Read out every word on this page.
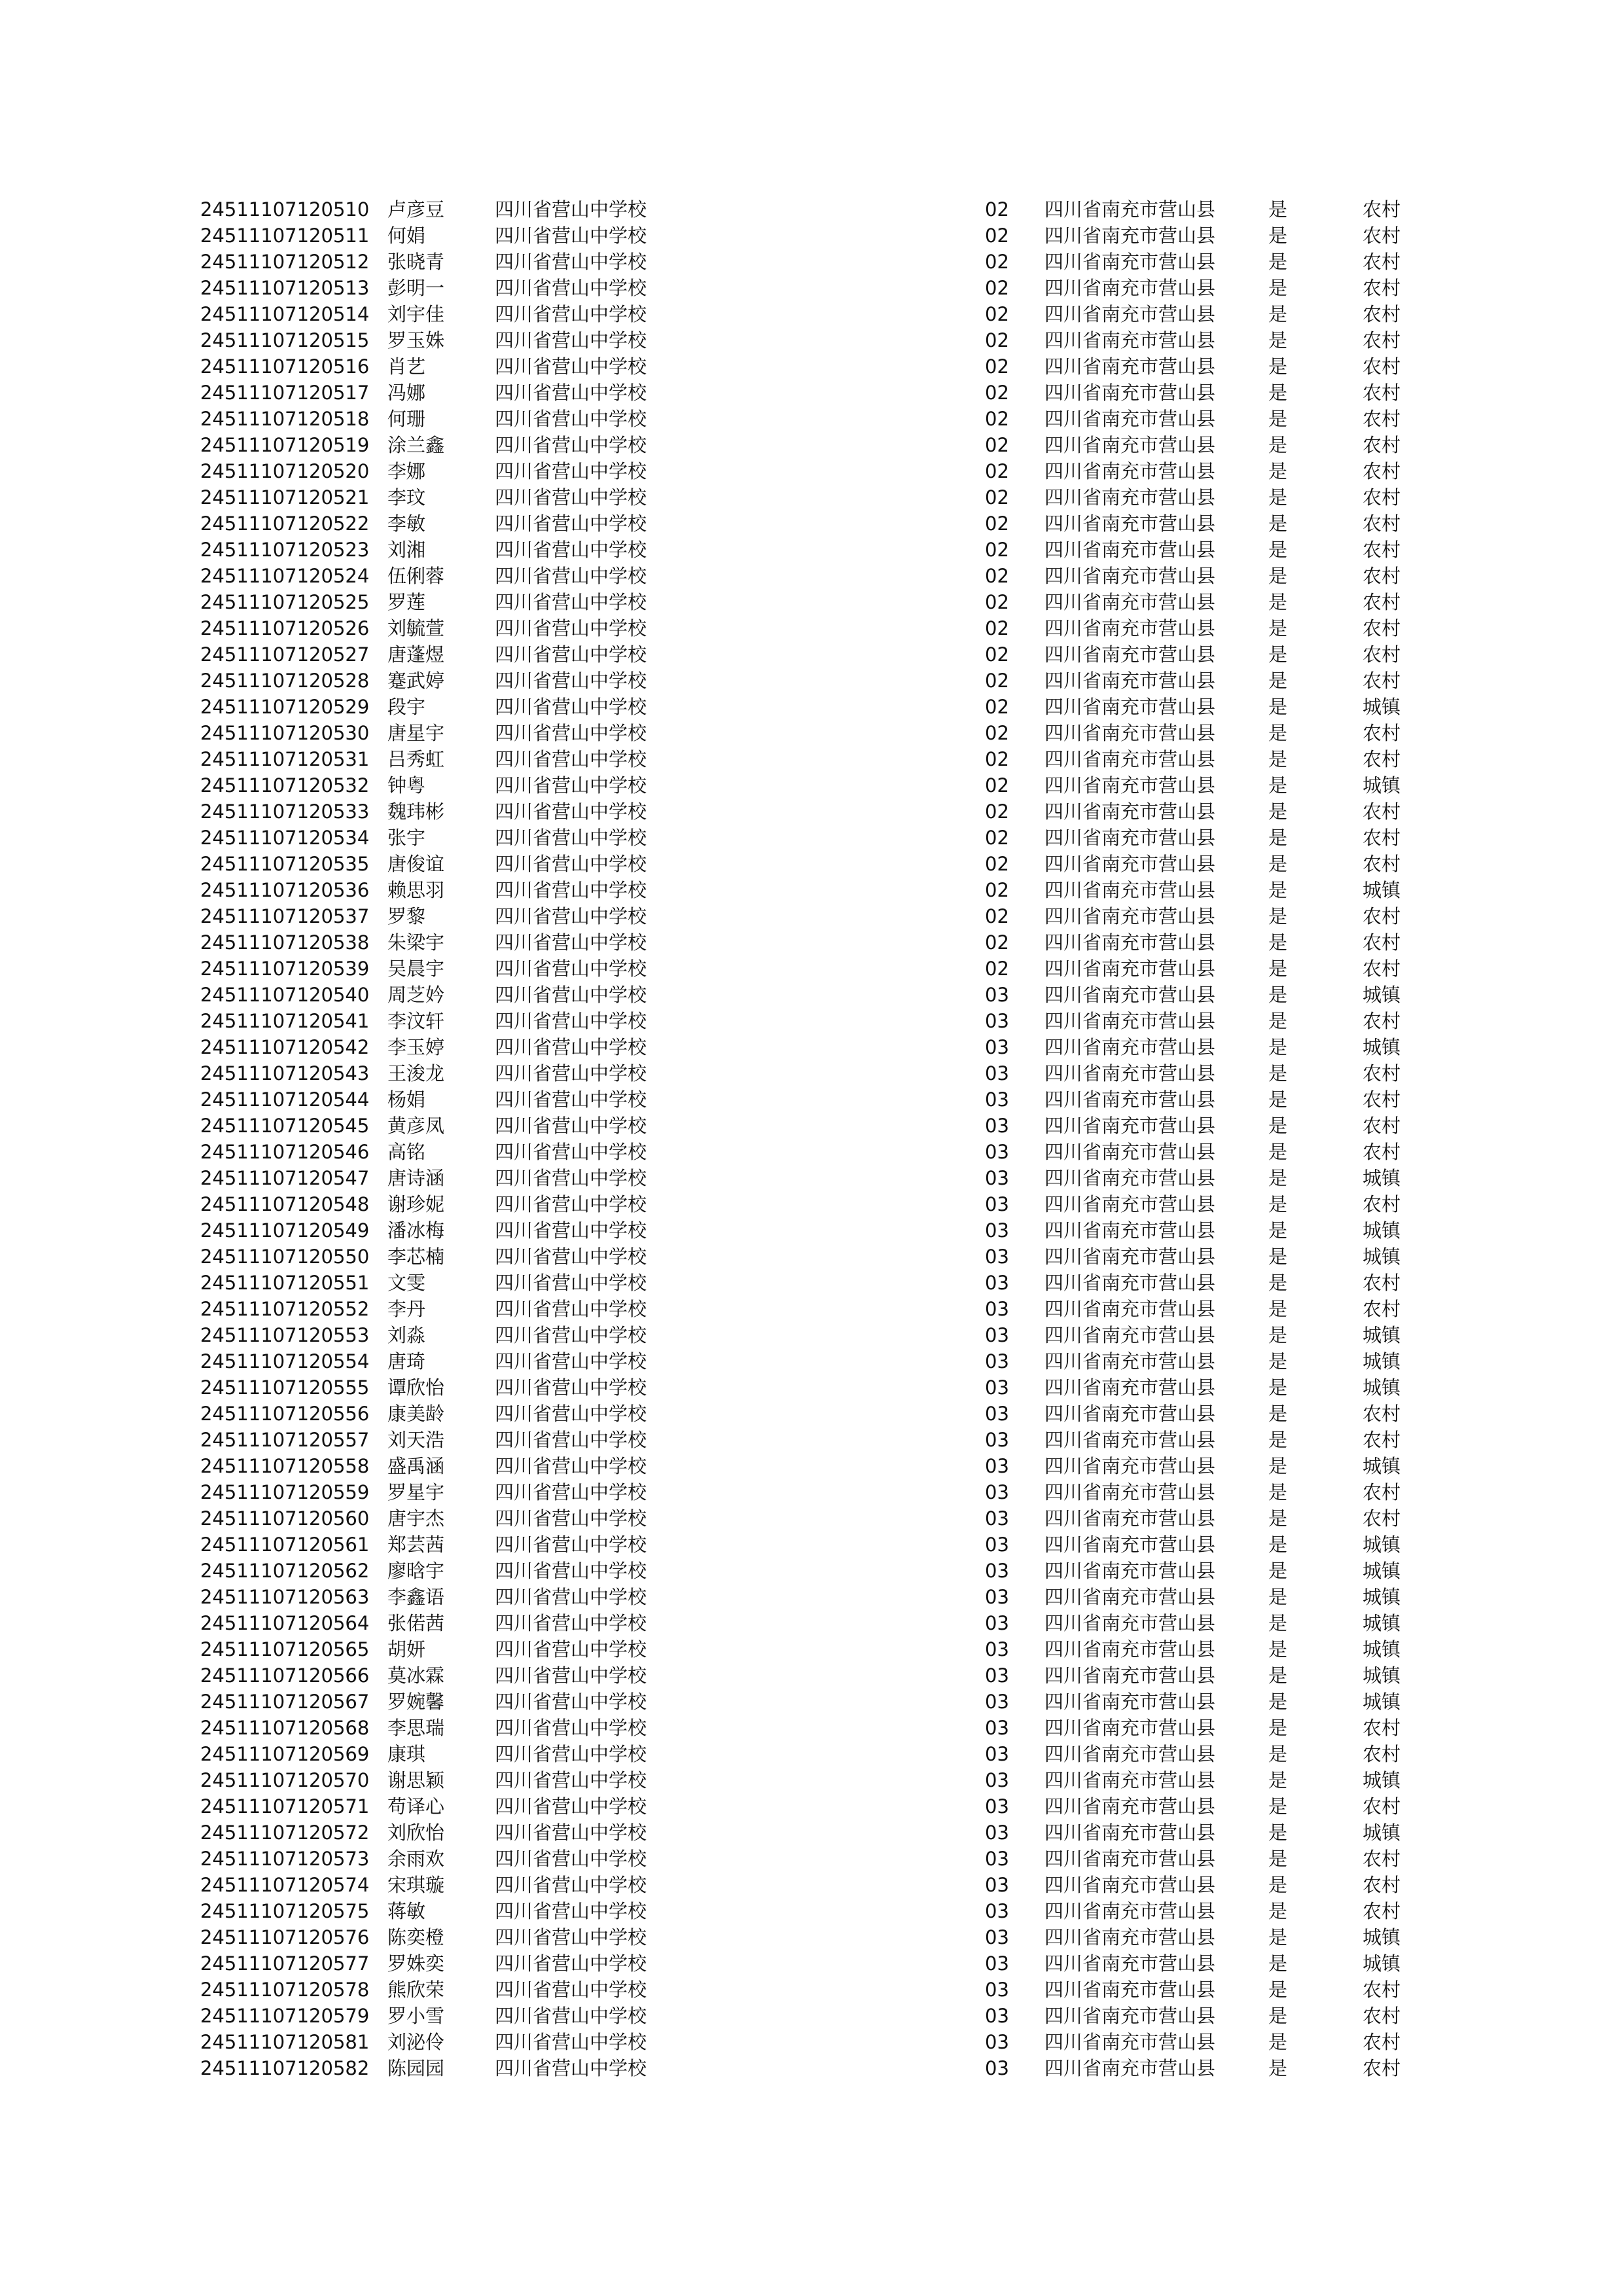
24511107120510 卢彦豆	四川省营山中学校	02 四川省南充市营山县	是	农村
24511107120511 何娟	四川省营山中学校	02 四川省南充市营山县	是	农村
24511107120512 张晓青	四川省营山中学校	02 四川省南充市营山县	是	农村
24511107120513 彭明一	四川省营山中学校	02 四川省南充市营山县	是	农村
24511107120514 刘宇佳	四川省营山中学校	02 四川省南充市营山县	是	农村
24511107120515 罗玉姝	四川省营山中学校	02 四川省南充市营山县	是	农村
24511107120516 肖艺	四川省营山中学校	02 四川省南充市营山县	是	农村
24511107120517 冯娜	四川省营山中学校	02 四川省南充市营山县	是	农村
24511107120518 何珊	四川省营山中学校	02 四川省南充市营山县	是	农村
24511107120519 涂兰鑫	四川省营山中学校	02 四川省南充市营山县	是	农村
24511107120520 李娜	四川省营山中学校	02 四川省南充市营山县	是	农村
24511107120521 李玟	四川省营山中学校	02 四川省南充市营山县	是	农村
24511107120522 李敏	四川省营山中学校	02 四川省南充市营山县	是	农村
24511107120523 刘湘	四川省营山中学校	02 四川省南充市营山县	是	农村
24511107120524 伍俐蓉	四川省营山中学校	02 四川省南充市营山县	是	农村
24511107120525 罗莲	四川省营山中学校	02 四川省南充市营山县	是	农村
24511107120526 刘毓萱	四川省营山中学校	02 四川省南充市营山县	是	农村
24511107120527 唐蓬煜	四川省营山中学校	02 四川省南充市营山县	是	农村
24511107120528 蹇武婷	四川省营山中学校	02 四川省南充市营山县	是	农村
24511107120529 段宇	四川省营山中学校	02 四川省南充市营山县	是	城镇
24511107120530 唐星宇	四川省营山中学校	02 四川省南充市营山县	是	农村
24511107120531 吕秀虹	四川省营山中学校	02 四川省南充市营山县	是	农村
24511107120532 钟粤	四川省营山中学校	02 四川省南充市营山县	是	城镇
24511107120533 魏玮彬	四川省营山中学校	02 四川省南充市营山县	是	农村
24511107120534 张宇	四川省营山中学校	02 四川省南充市营山县	是	农村
24511107120535 唐俊谊	四川省营山中学校	02 四川省南充市营山县	是	农村
24511107120536 赖思羽	四川省营山中学校	02 四川省南充市营山县	是	城镇
24511107120537 罗黎	四川省营山中学校	02 四川省南充市营山县	是	农村
24511107120538 朱梁宇	四川省营山中学校	02 四川省南充市营山县	是	农村
24511107120539 吴晨宇	四川省营山中学校	02 四川省南充市营山县	是	农村
24511107120540 周芝妗	四川省营山中学校	03 四川省南充市营山县	是	城镇
24511107120541 李汶轩	四川省营山中学校	03 四川省南充市营山县	是	农村
24511107120542 李玉婷	四川省营山中学校	03 四川省南充市营山县	是	城镇
24511107120543 王浚龙	四川省营山中学校	03 四川省南充市营山县	是	农村
24511107120544 杨娟	四川省营山中学校	03 四川省南充市营山县	是	农村
24511107120545 黄彦凤	四川省营山中学校	03 四川省南充市营山县	是	农村
24511107120546 高铭	四川省营山中学校	03 四川省南充市营山县	是	农村
24511107120547 唐诗涵	四川省营山中学校	03 四川省南充市营山县	是	城镇
24511107120548 谢珍妮	四川省营山中学校	03 四川省南充市营山县	是	农村
24511107120549 潘冰梅	四川省营山中学校	03 四川省南充市营山县	是	城镇
24511107120550 李芯楠	四川省营山中学校	03 四川省南充市营山县	是	城镇
24511107120551 文雯	四川省营山中学校	03 四川省南充市营山县	是	农村
24511107120552 李丹	四川省营山中学校	03 四川省南充市营山县	是	农村
24511107120553 刘淼	四川省营山中学校	03 四川省南充市营山县	是	城镇
24511107120554 唐琦	四川省营山中学校	03 四川省南充市营山县	是	城镇
24511107120555 谭欣怡	四川省营山中学校	03 四川省南充市营山县	是	城镇
24511107120556 康美龄	四川省营山中学校	03 四川省南充市营山县	是	农村
24511107120557 刘天浩	四川省营山中学校	03 四川省南充市营山县	是	农村
24511107120558 盛禹涵	四川省营山中学校	03 四川省南充市营山县	是	城镇
24511107120559 罗星宇	四川省营山中学校	03 四川省南充市营山县	是	农村
24511107120560 唐宇杰	四川省营山中学校	03 四川省南充市营山县	是	农村
24511107120561 郑芸茜	四川省营山中学校	03 四川省南充市营山县	是	城镇
24511107120562 廖晗宇	四川省营山中学校	03 四川省南充市营山县	是	城镇
24511107120563 李鑫语	四川省营山中学校	03 四川省南充市营山县	是	城镇
24511107120564 张偌茜	四川省营山中学校	03 四川省南充市营山县	是	城镇
24511107120565 胡妍	四川省营山中学校	03 四川省南充市营山县	是	城镇
24511107120566 莫冰霖	四川省营山中学校	03 四川省南充市营山县	是	城镇
24511107120567 罗婉馨	四川省营山中学校	03 四川省南充市营山县	是	城镇
24511107120568 李思瑞	四川省营山中学校	03 四川省南充市营山县	是	农村
24511107120569 康琪	四川省营山中学校	03 四川省南充市营山县	是	农村
24511107120570 谢思颖	四川省营山中学校	03 四川省南充市营山县	是	城镇
24511107120571 苟译心	四川省营山中学校	03 四川省南充市营山县	是	农村
24511107120572 刘欣怡	四川省营山中学校	03 四川省南充市营山县	是	城镇
24511107120573 余雨欢	四川省营山中学校	03 四川省南充市营山县	是	农村
24511107120574 宋琪璇	四川省营山中学校	03 四川省南充市营山县	是	农村
24511107120575 蒋敏	四川省营山中学校	03 四川省南充市营山县	是	农村
24511107120576 陈奕橙	四川省营山中学校	03 四川省南充市营山县	是	城镇
24511107120577 罗姝奕	四川省营山中学校	03 四川省南充市营山县	是	城镇
24511107120578 熊欣荣	四川省营山中学校	03 四川省南充市营山县	是	农村
24511107120579 罗小雪	四川省营山中学校	03 四川省南充市营山县	是	农村
24511107120581 刘泌伶	四川省营山中学校	03 四川省南充市营山县	是	农村
24511107120582 陈园园	四川省营山中学校	03 四川省南充市营山县	是	农村
